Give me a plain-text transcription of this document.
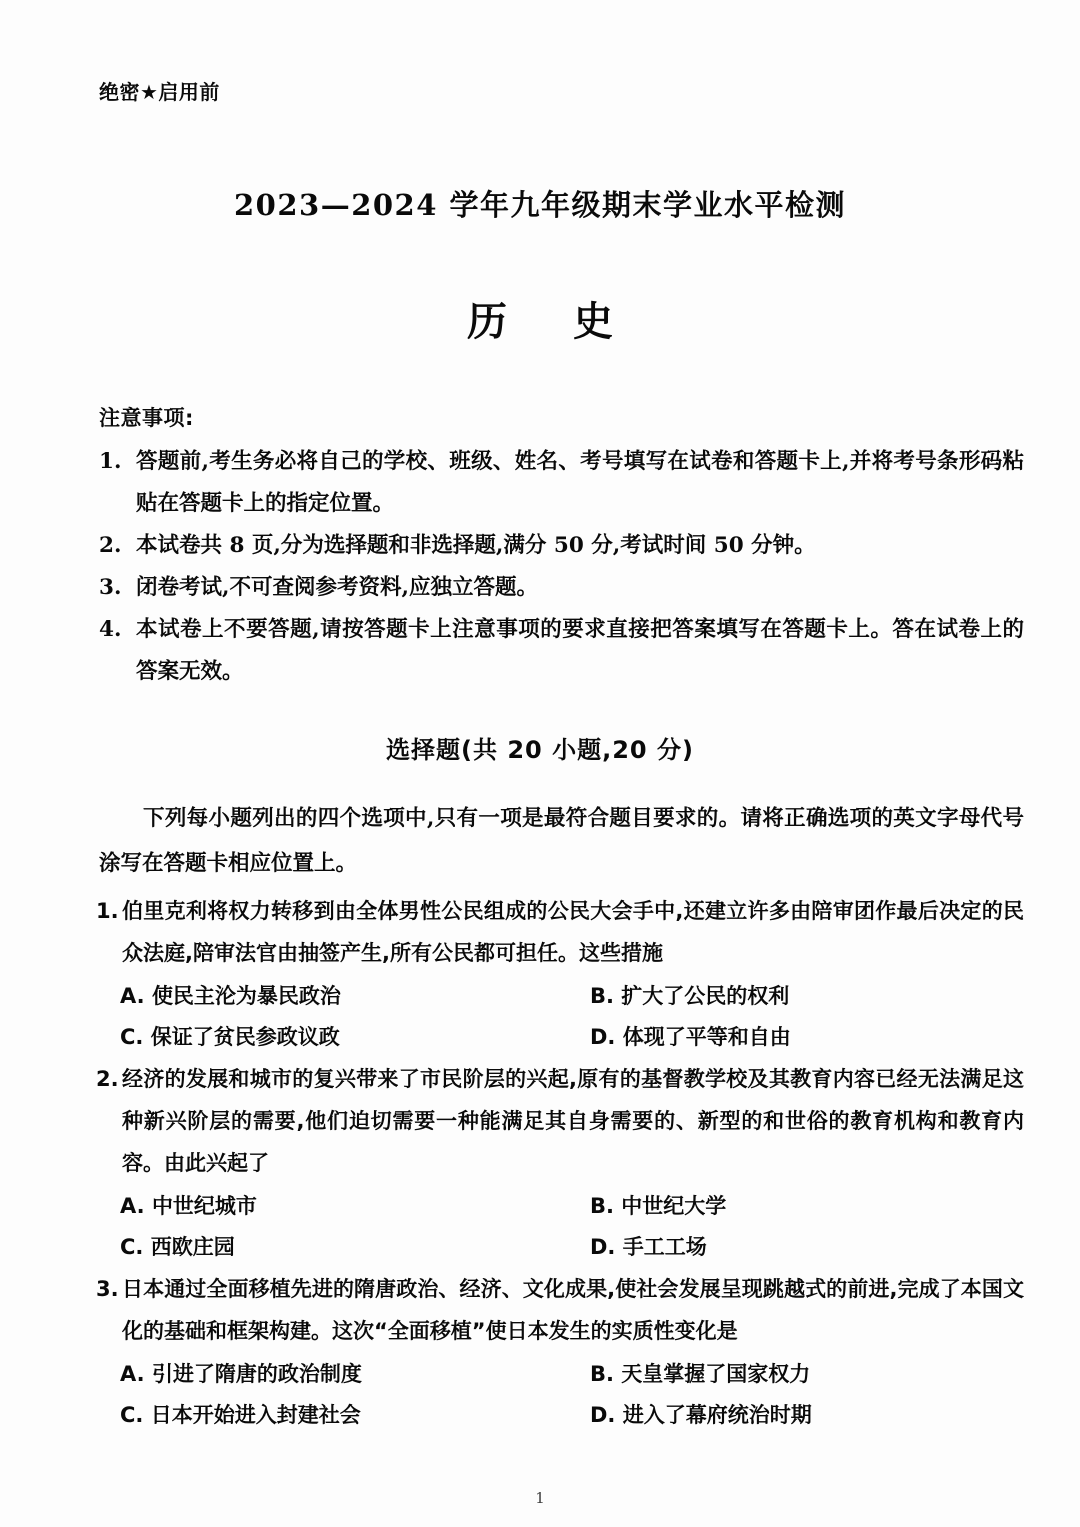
绝密★启用前
2023—2024 学年九年级期末学业水平检测
历 史
注意事项:
1. 答题前,考生务必将自己的学校、班级、姓名、考号填写在试卷和答题卡上,并将考号条形码粘贴在答题卡上的指定位置。
2. 本试卷共 8 页,分为选择题和非选择题,满分 50 分,考试时间 50 分钟。
3. 闭卷考试,不可查阅参考资料,应独立答题。
4. 本试卷上不要答题,请按答题卡上注意事项的要求直接把答案填写在答题卡上。答在试卷上的答案无效。
选择题(共 20 小题,20 分)
下列每小题列出的四个选项中,只有一项是最符合题目要求的。请将正确选项的英文字母代号涂写在答题卡相应位置上。
1. 伯里克利将权力转移到由全体男性公民组成的公民大会手中,还建立许多由陪审团作最后决定的民众法庭,陪审法官由抽签产生,所有公民都可担任。这些措施
A. 使民主沦为暴民政治	B. 扩大了公民的权利
C. 保证了贫民参政议政	D. 体现了平等和自由
2. 经济的发展和城市的复兴带来了市民阶层的兴起,原有的基督教学校及其教育内容已经无法满足这种新兴阶层的需要,他们迫切需要一种能满足其自身需要的、新型的和世俗的教育机构和教育内容。由此兴起了
A. 中世纪城市	B. 中世纪大学
C. 西欧庄园	D. 手工工场
3. 日本通过全面移植先进的隋唐政治、经济、文化成果,使社会发展呈现跳越式的前进,完成了本国文化的基础和框架构建。这次“全面移植”使日本发生的实质性变化是
A. 引进了隋唐的政治制度	B. 天皇掌握了国家权力
C. 日本开始进入封建社会	D. 进入了幕府统治时期
1
